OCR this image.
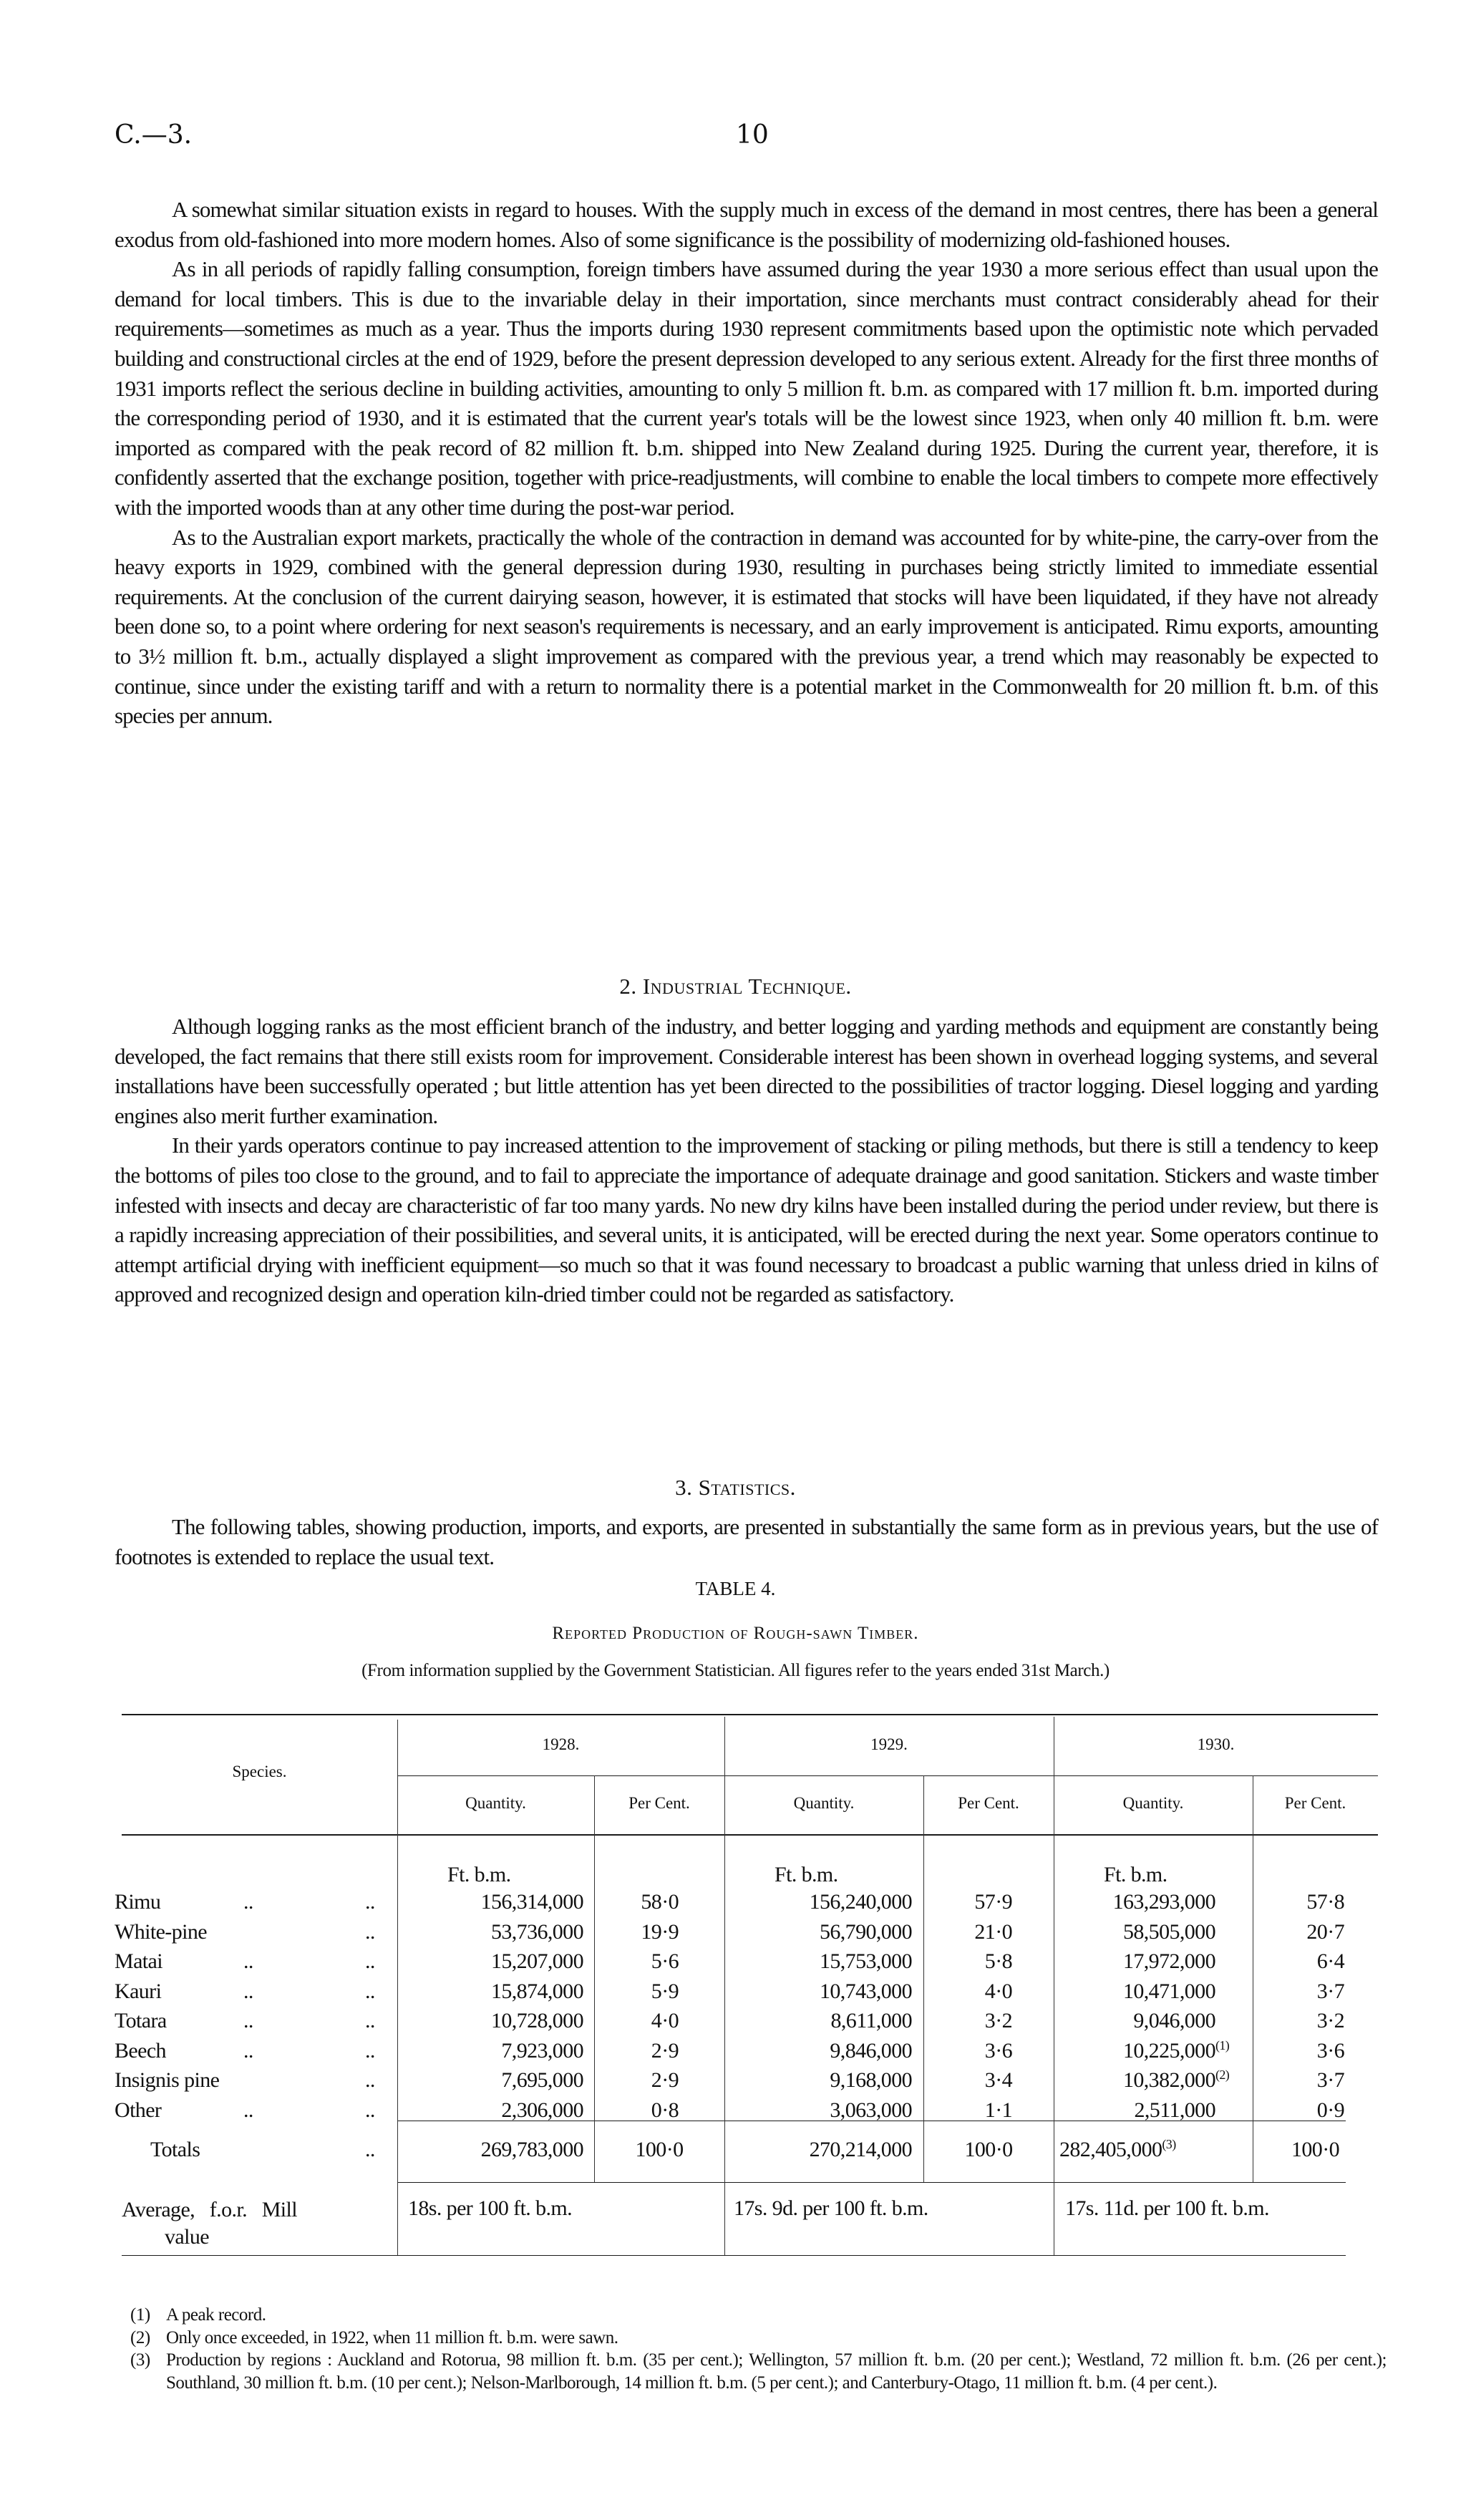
C.—3.	10

A somewhat similar situation exists in regard to houses. With the supply much in excess of the demand in most centres, there has been a general exodus from old-fashioned into more modern homes. Also of some significance is the possibility of modernizing old-fashioned houses.

As in all periods of rapidly falling consumption, foreign timbers have assumed during the year 1930 a more serious effect than usual upon the demand for local timbers. This is due to the invariable delay in their importation, since merchants must contract considerably ahead for their requirements—sometimes as much as a year. Thus the imports during 1930 represent commitments based upon the optimistic note which pervaded building and constructional circles at the end of 1929, before the present depression developed to any serious extent. Already for the first three months of 1931 imports reflect the serious decline in building activities, amounting to only 5 million ft. b.m. as compared with 17 million ft. b.m. imported during the corresponding period of 1930, and it is estimated that the current year's totals will be the lowest since 1923, when only 40 million ft. b.m. were imported as compared with the peak record of 82 million ft. b.m. shipped into New Zealand during 1925. During the current year, therefore, it is confidently asserted that the exchange position, together with price-readjustments, will combine to enable the local timbers to compete more effectively with the imported woods than at any other time during the post-war period.

As to the Australian export markets, practically the whole of the contraction in demand was accounted for by white-pine, the carry-over from the heavy exports in 1929, combined with the general depression during 1930, resulting in purchases being strictly limited to immediate essential requirements. At the conclusion of the current dairying season, however, it is estimated that stocks will have been liquidated, if they have not already been done so, to a point where ordering for next season's requirements is necessary, and an early improvement is anticipated. Rimu exports, amounting to 3½ million ft. b.m., actually displayed a slight improvement as compared with the previous year, a trend which may reasonably be expected to continue, since under the existing tariff and with a return to normality there is a potential market in the Commonwealth for 20 million ft. b.m. of this species per annum.

2. Industrial Technique.

Although logging ranks as the most efficient branch of the industry, and better logging and yarding methods and equipment are constantly being developed, the fact remains that there still exists room for improvement. Considerable interest has been shown in overhead logging systems, and several installations have been successfully operated ; but little attention has yet been directed to the possibilities of tractor logging. Diesel logging and yarding engines also merit further examination.

In their yards operators continue to pay increased attention to the improvement of stacking or piling methods, but there is still a tendency to keep the bottoms of piles too close to the ground, and to fail to appreciate the importance of adequate drainage and good sanitation. Stickers and waste timber infested with insects and decay are characteristic of far too many yards. No new dry kilns have been installed during the period under review, but there is a rapidly increasing appreciation of their possibilities, and several units, it is anticipated, will be erected during the next year. Some operators continue to attempt artificial drying with inefficient equipment—so much so that it was found necessary to broadcast a public warning that unless dried in kilns of approved and recognized design and operation kiln-dried timber could not be regarded as satisfactory.

3. Statistics.

The following tables, showing production, imports, and exports, are presented in substantially the same form as in previous years, but the use of footnotes is extended to replace the usual text.

TABLE 4.
Reported Production of Rough-sawn Timber.
(From information supplied by the Government Statistician. All figures refer to the years ended 31st March.)
Species.
1928.	1929.	1930.
Quantity.	Per Cent.	Quantity.	Per Cent.	Quantity.	Per Cent.
Ft. b.m.	Ft. b.m.	Ft. b.m.
Rimu	..	..	156,314,000	58·0	156,240,000	57·9	163,293,000	57·8
White-pine	..	53,736,000	19·9	56,790,000	21·0	58,505,000	20·7
Matai	..	..	15,207,000	5·6	15,753,000	5·8	17,972,000	6·4
Kauri	..	..	15,874,000	5·9	10,743,000	4·0	10,471,000	3·7
Totara	..	..	10,728,000	4·0	8,611,000	3·2	9,046,000	3·2
Beech	..	..	7,923,000	2·9	9,846,000	3·6	10,225,000$^{(1)}$	3·6
Insignis pine	..	7,695,000	2·9	9,168,000	3·4	10,382,000$^{(2)}$	3·7
Other	..	..	2,306,000	0·8	3,063,000	1·1	2,511,000	0·9
Totals	..	269,783,000	100·0	270,214,000	100·0	282,405,000$^{(3)}$	100·0
Average,   f.o.r.   Mill
value
18s. per 100 ft. b.m.	17s. 9d. per 100 ft. b.m.	17s. 11d. per 100 ft. b.m.
(1) A peak record.
(2) Only once exceeded, in 1922, when 11 million ft. b.m. were sawn.
(3) Production by regions : Auckland and Rotorua, 98 million ft. b.m. (35 per cent.); Wellington, 57 million ft. b.m. (20 per cent.); Westland, 72 million ft. b.m. (26 per cent.); Southland, 30 million ft. b.m. (10 per cent.); Nelson-Marlborough, 14 million ft. b.m. (5 per cent.); and Canterbury-Otago, 11 million ft. b.m. (4 per cent.).
